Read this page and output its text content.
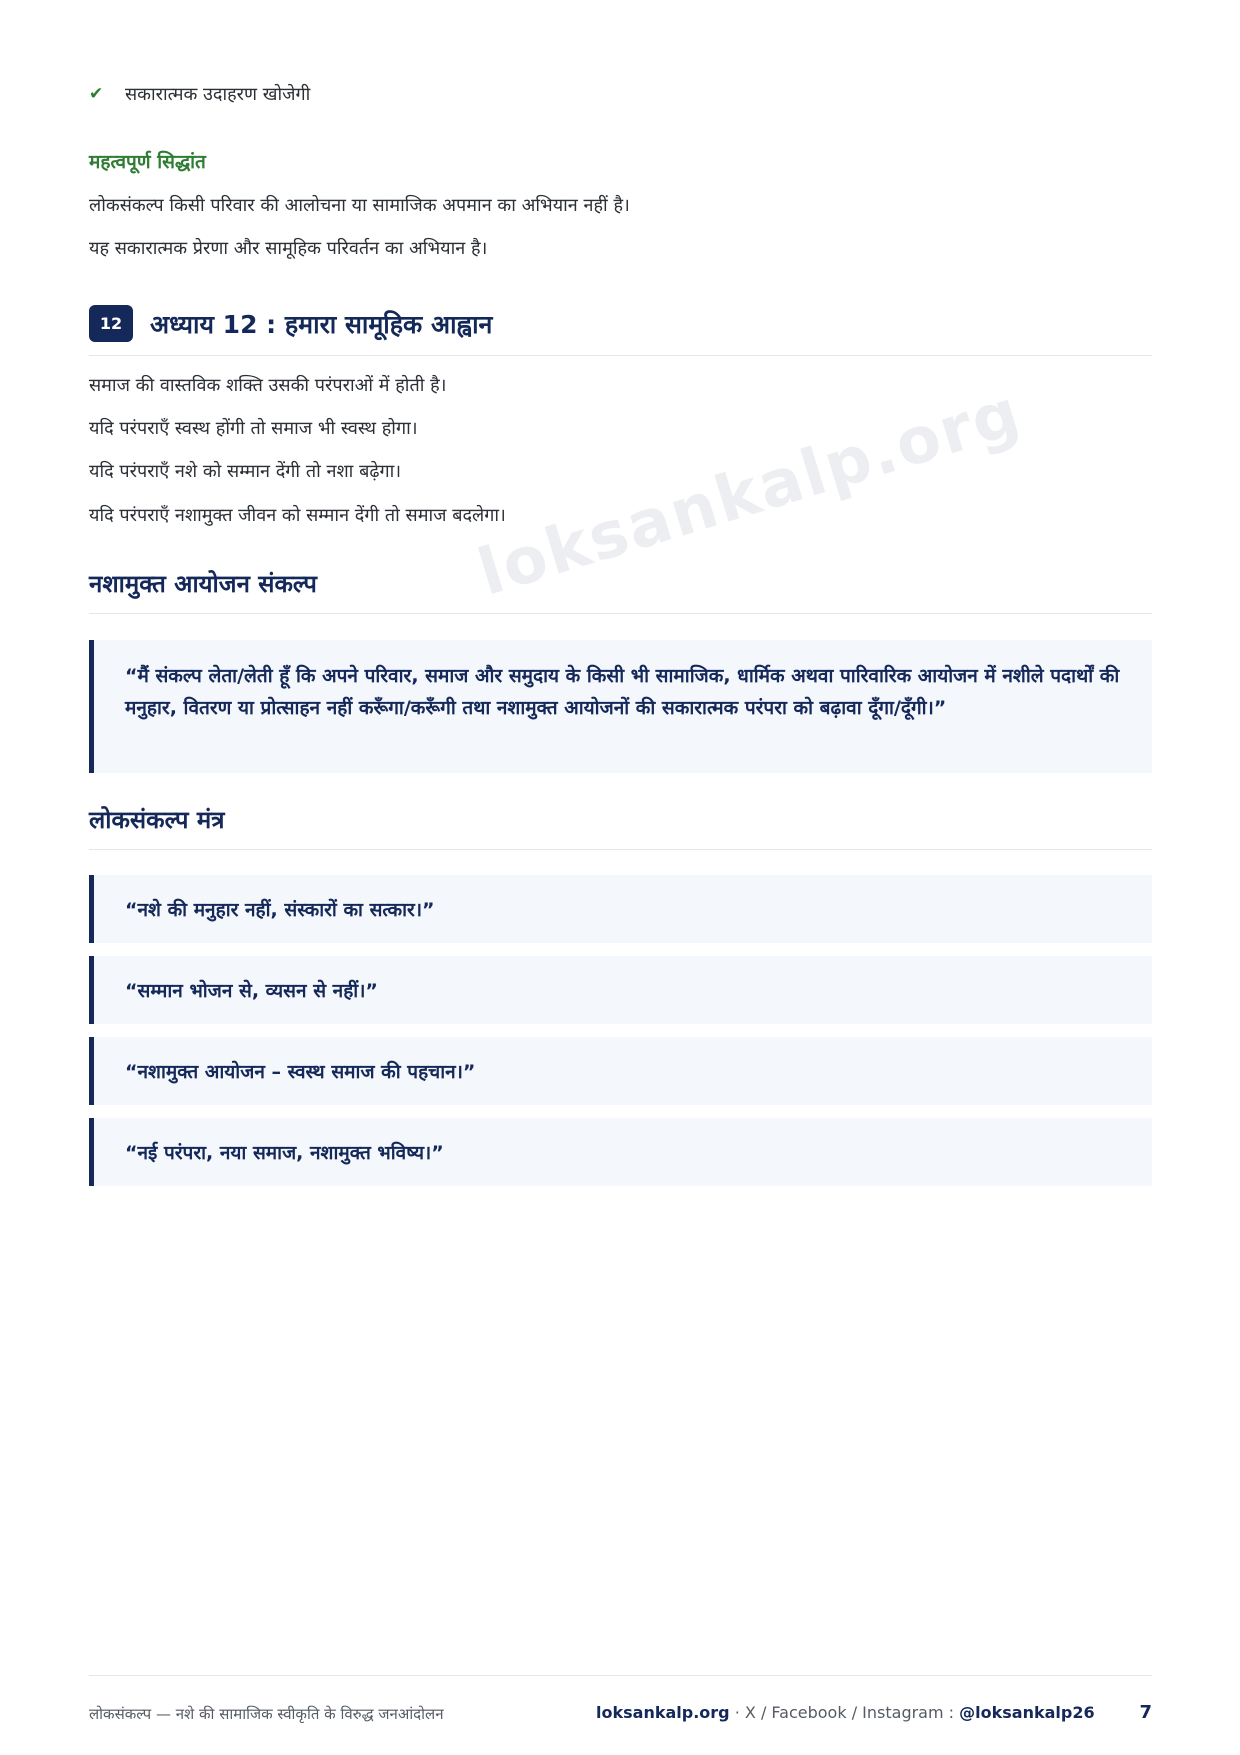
loksankalp.org
✔	सकारात्मक उदाहरण खोजेगी
महत्वपूर्ण सिद्धांत
लोकसंकल्प किसी परिवार की आलोचना या सामाजिक अपमान का अभियान नहीं है।
यह सकारात्मक प्रेरणा और सामूहिक परिवर्तन का अभियान है।
12	अध्याय 12 : हमारा सामूहिक आह्वान
समाज की वास्तविक शक्ति उसकी परंपराओं में होती है।
यदि परंपराएँ स्वस्थ होंगी तो समाज भी स्वस्थ होगा।
यदि परंपराएँ नशे को सम्मान देंगी तो नशा बढ़ेगा।
यदि परंपराएँ नशामुक्त जीवन को सम्मान देंगी तो समाज बदलेगा।
नशामुक्त आयोजन संकल्प
“मैं संकल्प लेता/लेती हूँ कि अपने परिवार, समाज और समुदाय के किसी भी सामाजिक, धार्मिक अथवा पारिवारिक आयोजन में नशीले पदार्थों की मनुहार, वितरण या प्रोत्साहन नहीं करूँगा/करूँगी तथा नशामुक्त आयोजनों की सकारात्मक परंपरा को बढ़ावा दूँगा/दूँगी।”
लोकसंकल्प मंत्र
“नशे की मनुहार नहीं, संस्कारों का सत्कार।”
“सम्मान भोजन से, व्यसन से नहीं।”
“नशामुक्त आयोजन – स्वस्थ समाज की पहचान।”
“नई परंपरा, नया समाज, नशामुक्त भविष्य।”
लोकसंकल्प — नशे की सामाजिक स्वीकृति के विरुद्ध जनआंदोलन	loksankalp.org · X / Facebook / Instagram : @loksankalp26 7
